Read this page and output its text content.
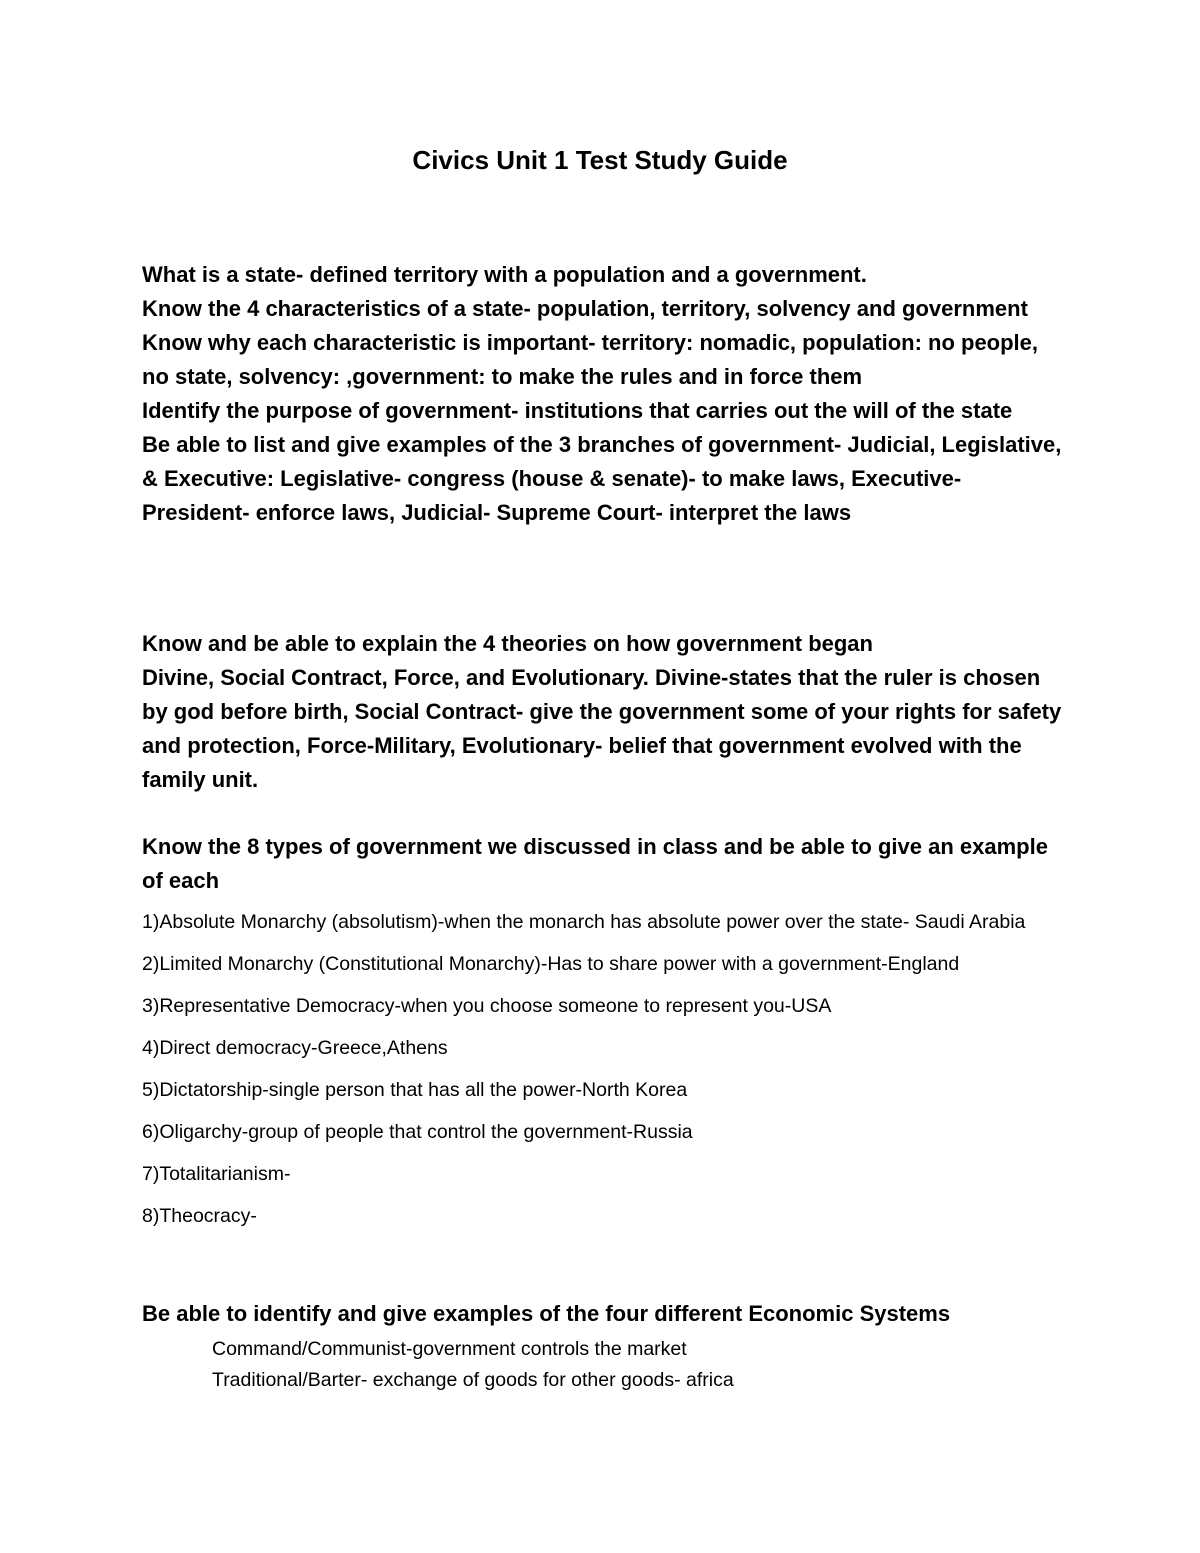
Civics Unit 1 Test Study Guide

What is a state- defined territory with a population and a government.

Know the 4 characteristics of a state- population, territory, solvency and government

Know why each characteristic is important- territory: nomadic, population: no people, no state, solvency: ,government: to make the rules and in force them

Identify the purpose of government- institutions that carries out the will of the state

Be able to list and give examples of the 3 branches of government- Judicial, Legislative, & Executive: Legislative- congress (house & senate)- to make laws, Executive- President- enforce laws, Judicial- Supreme Court- interpret the laws

Know and be able to explain the 4 theories on how government began

Divine, Social Contract, Force, and Evolutionary. Divine-states that the ruler is chosen by god before birth, Social Contract- give the government some of your rights for safety and protection, Force-Military, Evolutionary- belief that government evolved with the family unit.

Know the 8 types of government we discussed in class and be able to give an example of each

1)Absolute Monarchy (absolutism)-when the monarch has absolute power over the state- Saudi Arabia
2)Limited Monarchy (Constitutional Monarchy)-Has to share power with a government-England
3)Representative Democracy-when you choose someone to represent you-USA
4)Direct democracy-Greece,Athens
5)Dictatorship-single person that has all the power-North Korea
6)Oligarchy-group of people that control the government-Russia
7)Totalitarianism-
8)Theocracy-

Be able to identify and give examples of the four different Economic Systems

Command/Communist-government controls the market
Traditional/Barter- exchange of goods for other goods- africa
